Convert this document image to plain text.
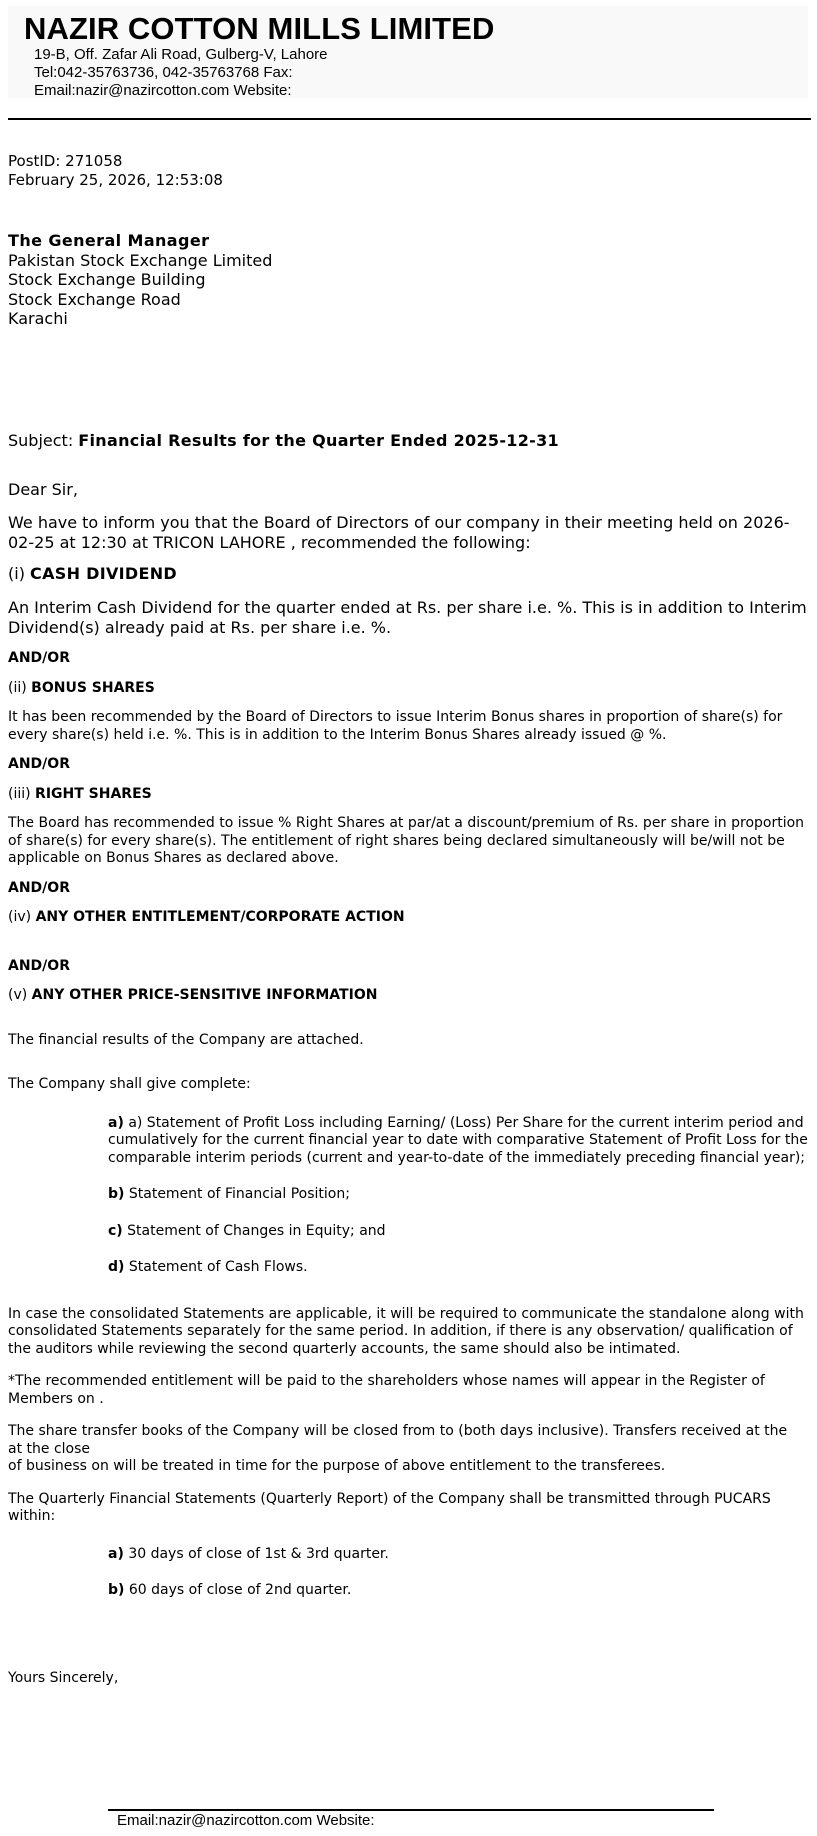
NAZIR COTTON MILLS LIMITED
19-B, Off. Zafar Ali Road, Gulberg-V, Lahore
Tel:042-35763736, 042-35763768 Fax:
Email:nazir@nazircotton.com Website:
PostID: 271058
February 25, 2026, 12:53:08
The General Manager
Pakistan Stock Exchange Limited
Stock Exchange Building
Stock Exchange Road
Karachi
Subject: Financial Results for the Quarter Ended 2025-12-31
Dear Sir,
We have to inform you that the Board of Directors of our company in their meeting held on 2026-02-25 at 12:30 at TRICON LAHORE , recommended the following:
(i) CASH DIVIDEND
An Interim Cash Dividend for the quarter ended at Rs. per share i.e. %. This is in addition to Interim Dividend(s) already paid at Rs. per share i.e. %.
AND/OR
(ii) BONUS SHARES
It has been recommended by the Board of Directors to issue Interim Bonus shares in proportion of share(s) for every share(s) held i.e. %. This is in addition to the Interim Bonus Shares already issued @ %.
AND/OR
(iii) RIGHT SHARES
The Board has recommended to issue % Right Shares at par/at a discount/premium of Rs. per share in proportion of share(s) for every share(s). The entitlement of right shares being declared simultaneously will be/will not be applicable on Bonus Shares as declared above.
AND/OR
(iv) ANY OTHER ENTITLEMENT/CORPORATE ACTION
AND/OR
(v) ANY OTHER PRICE-SENSITIVE INFORMATION
The financial results of the Company are attached.
The Company shall give complete:
a) a) Statement of Profit Loss including Earning/ (Loss) Per Share for the current interim period and cumulatively for the current financial year to date with comparative Statement of Profit Loss for the comparable interim periods (current and year-to-date of the immediately preceding financial year);
b) Statement of Financial Position;
c) Statement of Changes in Equity; and
d) Statement of Cash Flows.
In case the consolidated Statements are applicable, it will be required to communicate the standalone along with consolidated Statements separately for the same period. In addition, if there is any observation/ qualification of the auditors while reviewing the second quarterly accounts, the same should also be intimated.
*The recommended entitlement will be paid to the shareholders whose names will appear in the Register of Members on .
The share transfer books of the Company will be closed from to (both days inclusive). Transfers received at the
at the close
of business on will be treated in time for the purpose of above entitlement to the transferees.
The Quarterly Financial Statements (Quarterly Report) of the Company shall be transmitted through PUCARS within:
a) 30 days of close of 1st & 3rd quarter.
b) 60 days of close of 2nd quarter.
Yours Sincerely,
Email:nazir@nazircotton.com Website:
